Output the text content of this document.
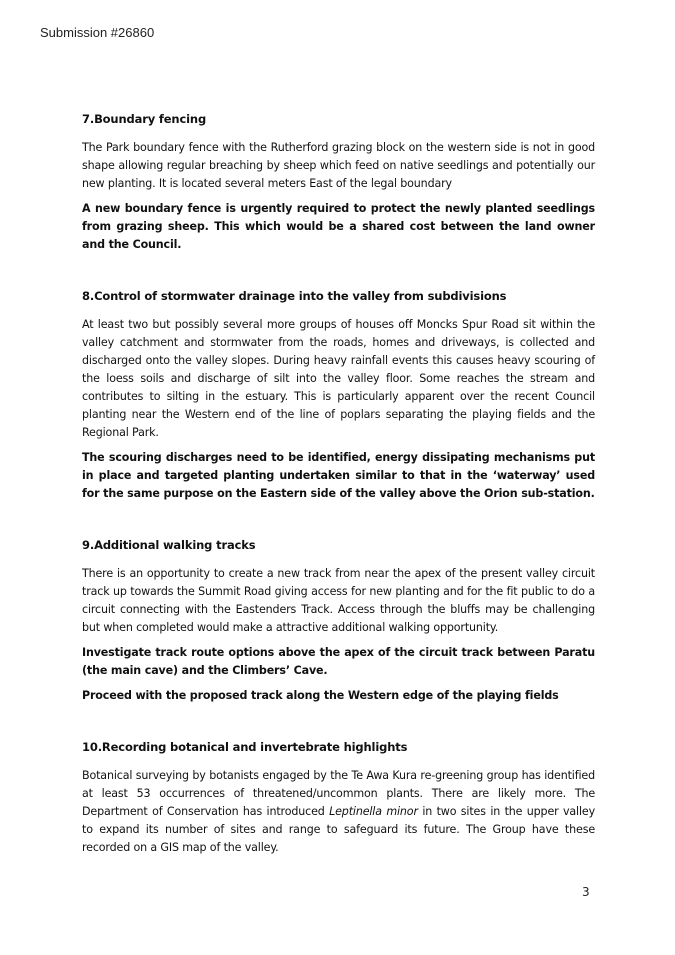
Submission #26860
7.Boundary fencing

The Park boundary fence with the Rutherford grazing block on the western side is not in good shape allowing regular breaching by sheep which feed on native seedlings and potentially our new planting. It is located several meters East of the legal boundary

A new boundary fence is urgently required to protect the newly planted seedlings from grazing sheep. This which would be a shared cost between the land owner and the Council.

8.Control of stormwater drainage into the valley from subdivisions

At least two but possibly several more groups of houses off Moncks Spur Road sit within the valley catchment and stormwater from the roads, homes and driveways, is collected and discharged onto the valley slopes. During heavy rainfall events this causes heavy scouring of the loess soils and discharge of silt into the valley floor. Some reaches the stream and contributes to silting in the estuary. This is particularly apparent over the recent Council planting near the Western end of the line of poplars separating the playing fields and the Regional Park.

The scouring discharges need to be identified, energy dissipating mechanisms put in place and targeted planting undertaken similar to that in the ‘waterway’ used for the same purpose on the Eastern side of the valley above the Orion sub-station.

9.Additional walking tracks

There is an opportunity to create a new track from near the apex of the present valley circuit track up towards the Summit Road giving access for new planting and for the fit public to do a circuit connecting with the Eastenders Track. Access through the bluffs may be challenging but when completed would make a attractive additional walking opportunity.

Investigate track route options above the apex of the circuit track between Paratu (the main cave) and the Climbers’ Cave.

Proceed with the proposed track along the Western edge of the playing fields

10.Recording botanical and invertebrate highlights

Botanical surveying by botanists engaged by the Te Awa Kura re-greening group has identified at least 53 occurrences of threatened/uncommon plants. There are likely more. The Department of Conservation has introduced Leptinella minor in two sites in the upper valley to expand its number of sites and range to safeguard its future. The Group have these recorded on a GIS map of the valley.

3
